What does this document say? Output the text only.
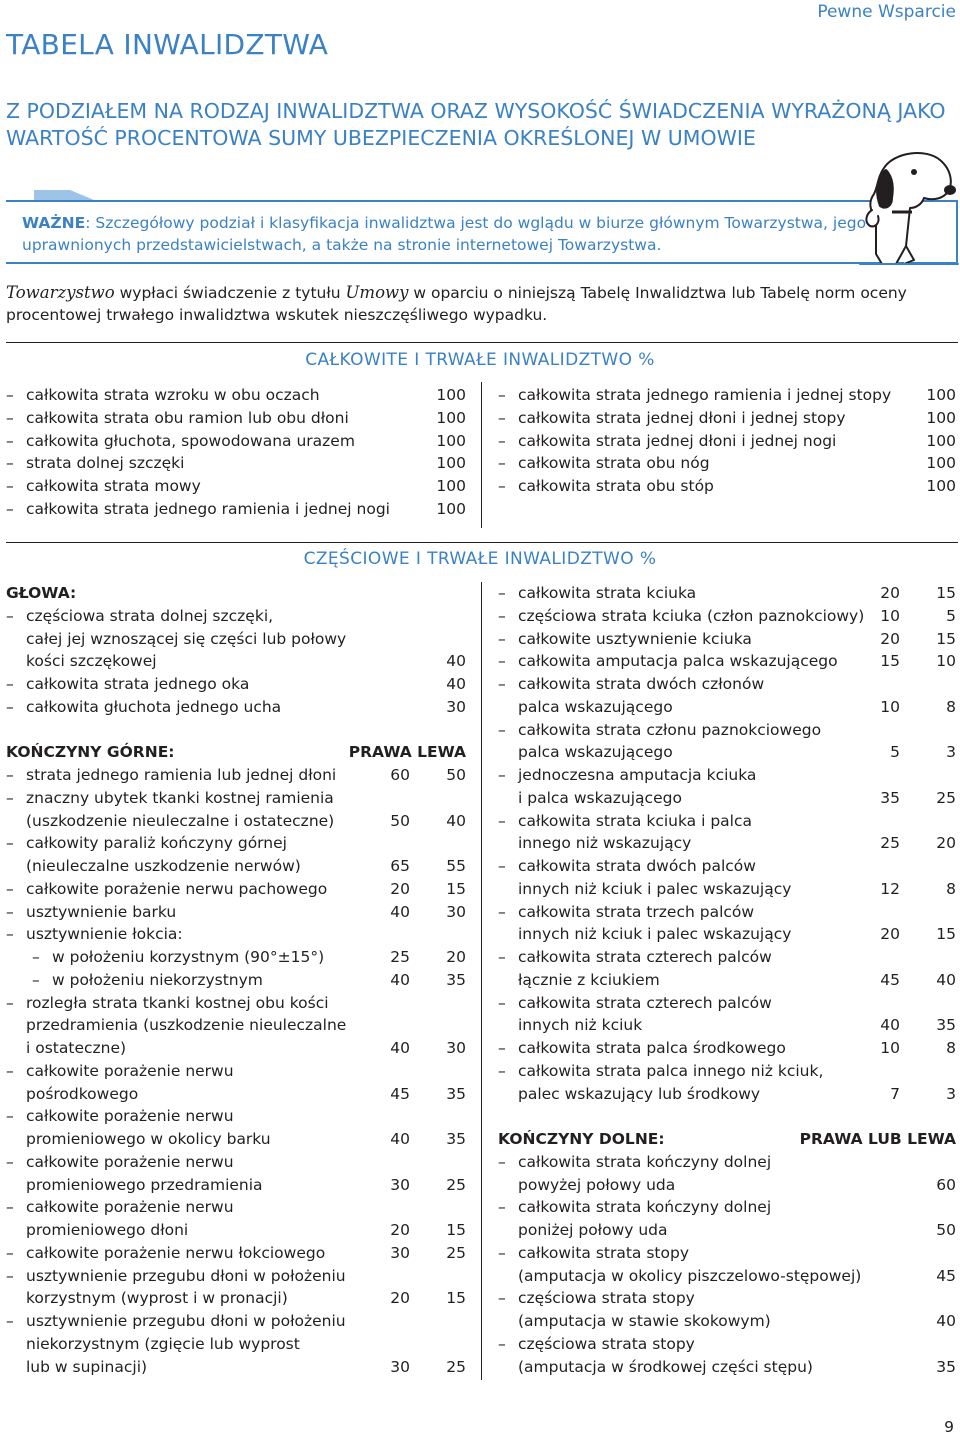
Pewne Wsparcie
TABELA INWALIDZTWA
Z PODZIAŁEM NA RODZAJ INWALIDZTWA ORAZ WYSOKOŚĆ ŚWIADCZENIA WYRAŻONĄ JAKO WARTOŚĆ PROCENTOWA SUMY UBEZPIECZENIA OKREŚLONEJ W UMOWIE
WAŻNE: Szczegółowy podział i klasyfikacja inwalidztwa jest do wglądu w biurze głównym Towarzystwa, jego uprawnionych przedstawicielstwach, a także na stronie internetowej Towarzystwa.
Towarzystwo wypłaci świadczenie z tytułu Umowy w oparciu o niniejszą Tabelę Inwalidztwa lub Tabelę norm oceny procentowej trwałego inwalidztwa wskutek nieszczęśliwego wypadku.
CAŁKOWITE I TRWAŁE INWALIDZTWO %
– całkowita strata wzroku w obu oczach	100
– całkowita strata obu ramion lub obu dłoni	100
– całkowita głuchota, spowodowana urazem	100
– strata dolnej szczęki	100
– całkowita strata mowy	100
– całkowita strata jednego ramienia i jednej nogi	100
– całkowita strata jednego ramienia i jednej stopy 100
– całkowita strata jednej dłoni i jednej stopy	100
– całkowita strata jednej dłoni i jednej nogi	100
– całkowita strata obu nóg	100
– całkowita strata obu stóp	100
CZĘŚCIOWE I TRWAŁE INWALIDZTWO %
GŁOWA:
– częściowa strata dolnej szczęki,
całej jej wznoszącej się części lub połowy
kości szczękowej	40
– całkowita strata jednego oka	40
– całkowita głuchota jednego ucha	30
KOŃCZYNY GÓRNE:	PRAWA LEWA
– strata jednego ramienia lub jednej dłoni	60 50
– znaczny ubytek tkanki kostnej ramienia
(uszkodzenie nieuleczalne i ostateczne)	50 40
– całkowity paraliż kończyny górnej
(nieuleczalne uszkodzenie nerwów)	65 55
– całkowite porażenie nerwu pachowego	20 15
– usztywnienie barku	40 30
– usztywnienie łokcia:
– w położeniu korzystnym (90°±15°)	25 20
– w położeniu niekorzystnym	40 35
– rozległa strata tkanki kostnej obu kości
przedramienia (uszkodzenie nieuleczalne
i ostateczne)	40 30
– całkowite porażenie nerwu
pośrodkowego	45 35
– całkowite porażenie nerwu
promieniowego w okolicy barku	40 35
– całkowite porażenie nerwu
promieniowego przedramienia	30 25
– całkowite porażenie nerwu
promieniowego dłoni	20 15
– całkowite porażenie nerwu łokciowego	30 25
– usztywnienie przegubu dłoni w położeniu
korzystnym (wyprost i w pronacji)	20 15
– usztywnienie przegubu dłoni w położeniu
niekorzystnym (zgięcie lub wyprost
lub w supinacji)	30 25
– całkowita strata kciuka	20 15
– częściowa strata kciuka (człon paznokciowy) 10	5
– całkowite usztywnienie kciuka	20 15
– całkowita amputacja palca wskazującego	15 10
– całkowita strata dwóch członów
palca wskazującego	10	8
– całkowita strata członu paznokciowego
palca wskazującego	5	3
– jednoczesna amputacja kciuka
i palca wskazującego	35 25
– całkowita strata kciuka i palca
innego niż wskazujący	25 20
– całkowita strata dwóch palców
innych niż kciuk i palec wskazujący	12	8
– całkowita strata trzech palców
innych niż kciuk i palec wskazujący	20 15
– całkowita strata czterech palców
łącznie z kciukiem	45 40
– całkowita strata czterech palców
innych niż kciuk	40 35
– całkowita strata palca środkowego	10	8
– całkowita strata palca innego niż kciuk,
palec wskazujący lub środkowy	7	3
KOŃCZYNY DOLNE:	PRAWA LUB LEWA
– całkowita strata kończyny dolnej
powyżej połowy uda	60
– całkowita strata kończyny dolnej
poniżej połowy uda	50
– całkowita strata stopy
(amputacja w okolicy piszczelowo-stępowej)	45
– częściowa strata stopy
(amputacja w stawie skokowym)	40
– częściowa strata stopy
(amputacja w środkowej części stępu)	35
9
